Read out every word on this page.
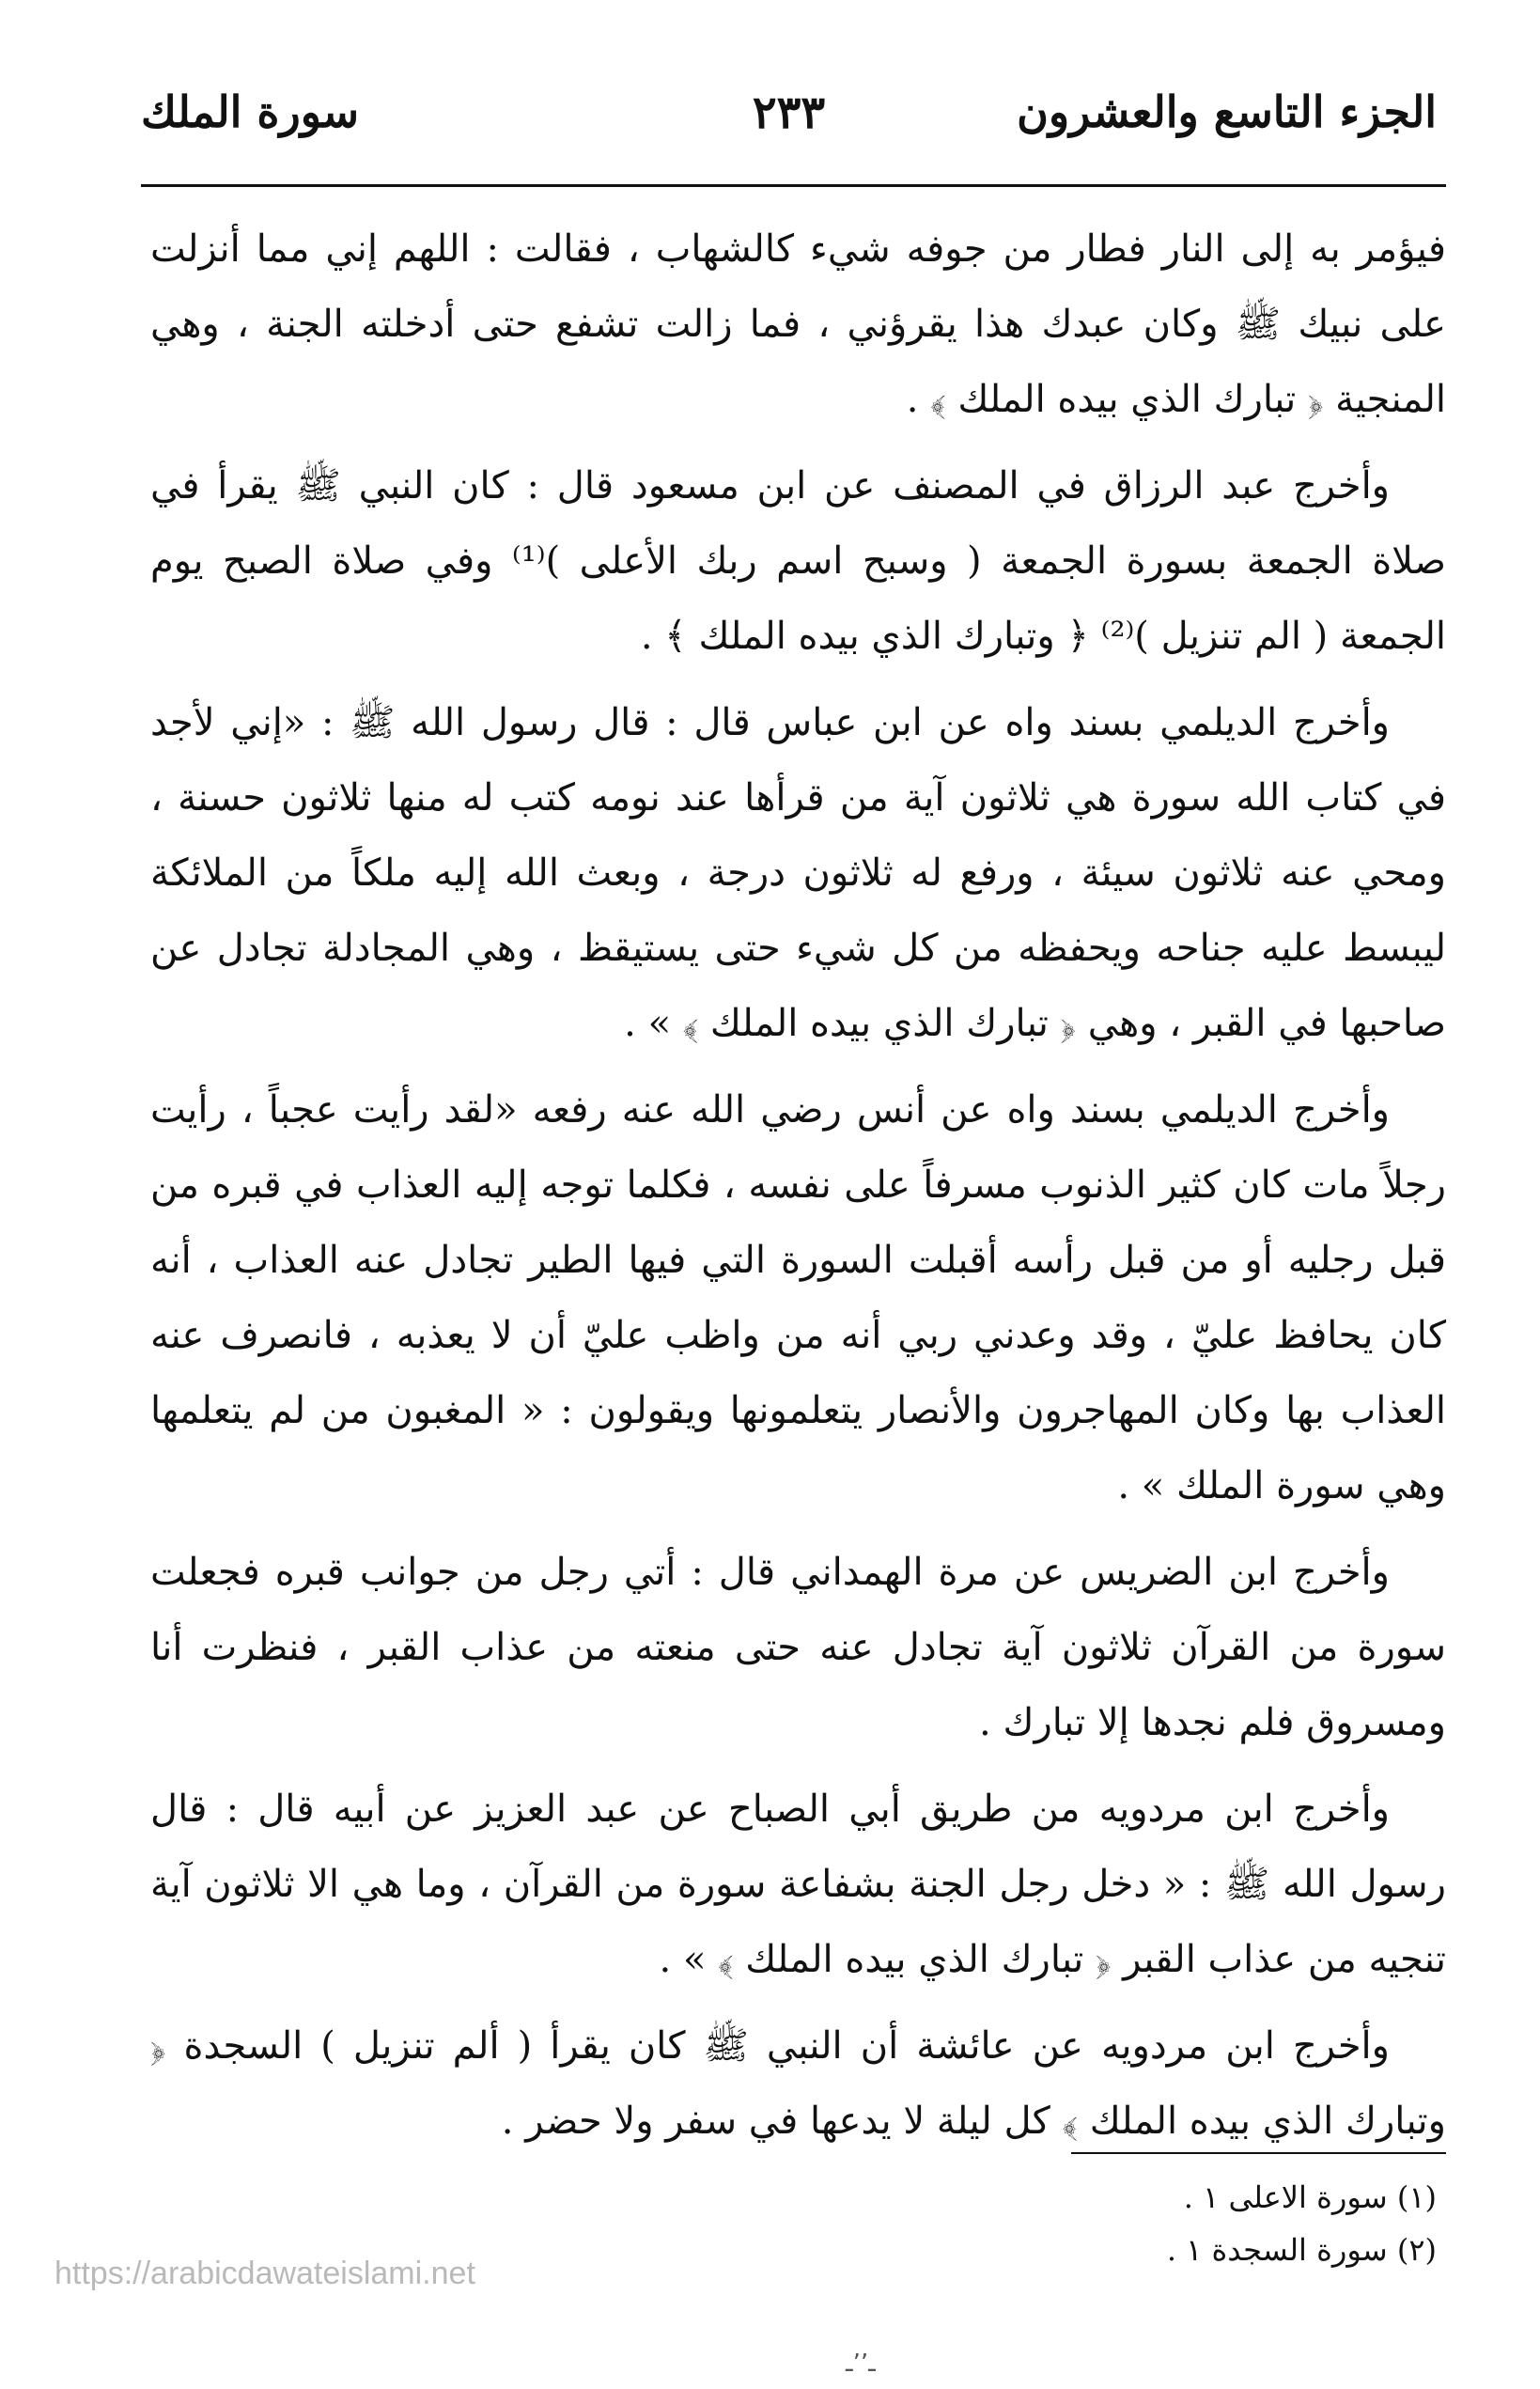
الجزء التاسع والعشرون
٢٣٣
سورة الملك

فيؤمر به إلى النار فطار من جوفه شيء كالشهاب ، فقالت : اللهم إني مما أنزلت على نبيك ﷺ وكان عبدك هذا يقرؤني ، فما زالت تشفع حتى أدخلته الجنة ، وهي المنجية ﴿ تبارك الذي بيده الملك ﴾ .

وأخرج عبد الرزاق في المصنف عن ابن مسعود قال : كان النبي ﷺ يقرأ في صلاة الجمعة بسورة الجمعة ( وسبح اسم ربك الأعلى )⁽¹⁾ وفي صلاة الصبح يوم الجمعة ( الم تنزيل )⁽²⁾ ﴿ وتبارك الذي بيده الملك ﴾ .

وأخرج الديلمي بسند واه عن ابن عباس قال : قال رسول الله ﷺ : «إني لأجد في كتاب الله سورة هي ثلاثون آية من قرأها عند نومه كتب له منها ثلاثون حسنة ، ومحي عنه ثلاثون سيئة ، ورفع له ثلاثون درجة ، وبعث الله إليه ملكاً من الملائكة ليبسط عليه جناحه ويحفظه من كل شيء حتى يستيقظ ، وهي المجادلة تجادل عن صاحبها في القبر ، وهي ﴿ تبارك الذي بيده الملك ﴾ » .

وأخرج الديلمي بسند واه عن أنس رضي الله عنه رفعه «لقد رأيت عجباً ، رأيت رجلاً مات كان كثير الذنوب مسرفاً على نفسه ، فكلما توجه إليه العذاب في قبره من قبل رجليه أو من قبل رأسه أقبلت السورة التي فيها الطير تجادل عنه العذاب ، أنه كان يحافظ عليّ ، وقد وعدني ربي أنه من واظب عليّ أن لا يعذبه ، فانصرف عنه العذاب بها وكان المهاجرون والأنصار يتعلمونها ويقولون : « المغبون من لم يتعلمها وهي سورة الملك » .

وأخرج ابن الضريس عن مرة الهمداني قال : أتي رجل من جوانب قبره فجعلت سورة من القرآن ثلاثون آية تجادل عنه حتى منعته من عذاب القبر ، فنظرت أنا ومسروق فلم نجدها إلا تبارك .

وأخرج ابن مردويه من طريق أبي الصباح عن عبد العزيز عن أبيه قال : قال رسول الله ﷺ : « دخل رجل الجنة بشفاعة سورة من القرآن ، وما هي الا ثلاثون آية تنجيه من عذاب القبر ﴿ تبارك الذي بيده الملك ﴾ » .

وأخرج ابن مردويه عن عائشة أن النبي ﷺ كان يقرأ ( ألم تنزيل ) السجدة ﴿ وتبارك الذي بيده الملك ﴾ كل ليلة لا يدعها في سفر ولا حضر .

(١) سورة الاعلى ١ .
(٢) سورة السجدة ١ .
https://arabicdawateislami.net
ـ٬٬ـ
